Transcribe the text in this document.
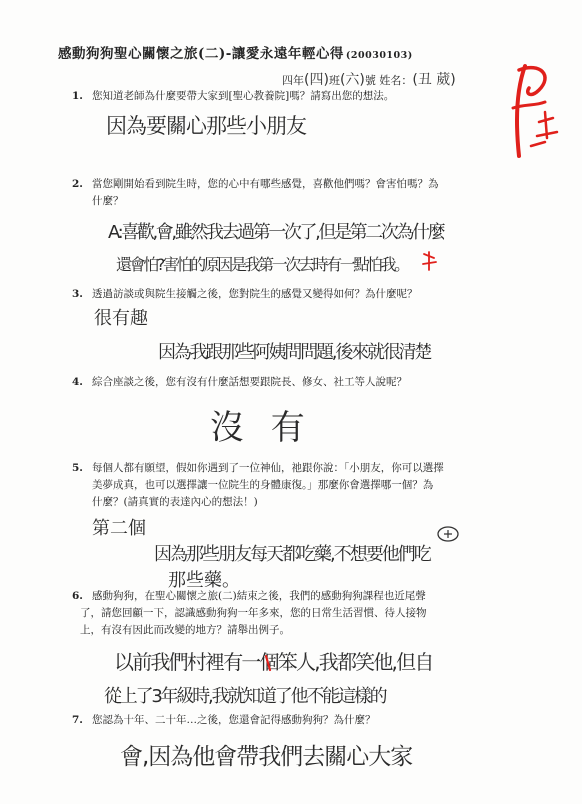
感動狗狗聖心關懷之旅(二)-讓愛永遠年輕心得 (20030103)
四年(四)班(六)號 姓名：(丑 葳)
1. 您知道老師為什麼要帶大家到[聖心教養院]嗎？請寫出您的想法。
因為要關心那些小朋友
2. 當您剛開始看到院生時，您的心中有哪些感覺，喜歡他們嗎？會害怕嗎？為
什麼？
A:喜歡,會,雖然我去過第一次了,但是第二次為什麼
還會怕?害怕的原因是我第一次去時有一點怕我。
3. 透過訪談或與院生接觸之後，您對院生的感覺又變得如何？為什麼呢？
很有趣
因為我跟那些阿姨問問題,後來就很清楚
4. 綜合座談之後，您有沒有什麼話想要跟院長、修女、社工等人說呢？
沒 有
5. 每個人都有願望，假如你遇到了一位神仙，祂跟你說：「小朋友，你可以選擇
美夢成真，也可以選擇讓一位院生的身體康復。」那麼你會選擇哪一個？為
什麼？(請真實的表達內心的想法！)
第二個
因為那些朋友每天都吃藥,不想要他們吃
那些藥。
6. 感動狗狗，在聖心關懷之旅(二)結束之後，我們的感動狗狗課程也近尾聲
了，請您回顧一下，認識感動狗狗一年多來，您的日常生活習慣、待人接物
上，有沒有因此而改變的地方？請舉出例子。
以前我們村裡有一個笨人,我都笑他,但自
從上了3年級時,我就知道了他不能這樣的
7. 您認為十年、二十年…之後，您還會記得感動狗狗？為什麼？
會,因為他會帶我們去關心大家
